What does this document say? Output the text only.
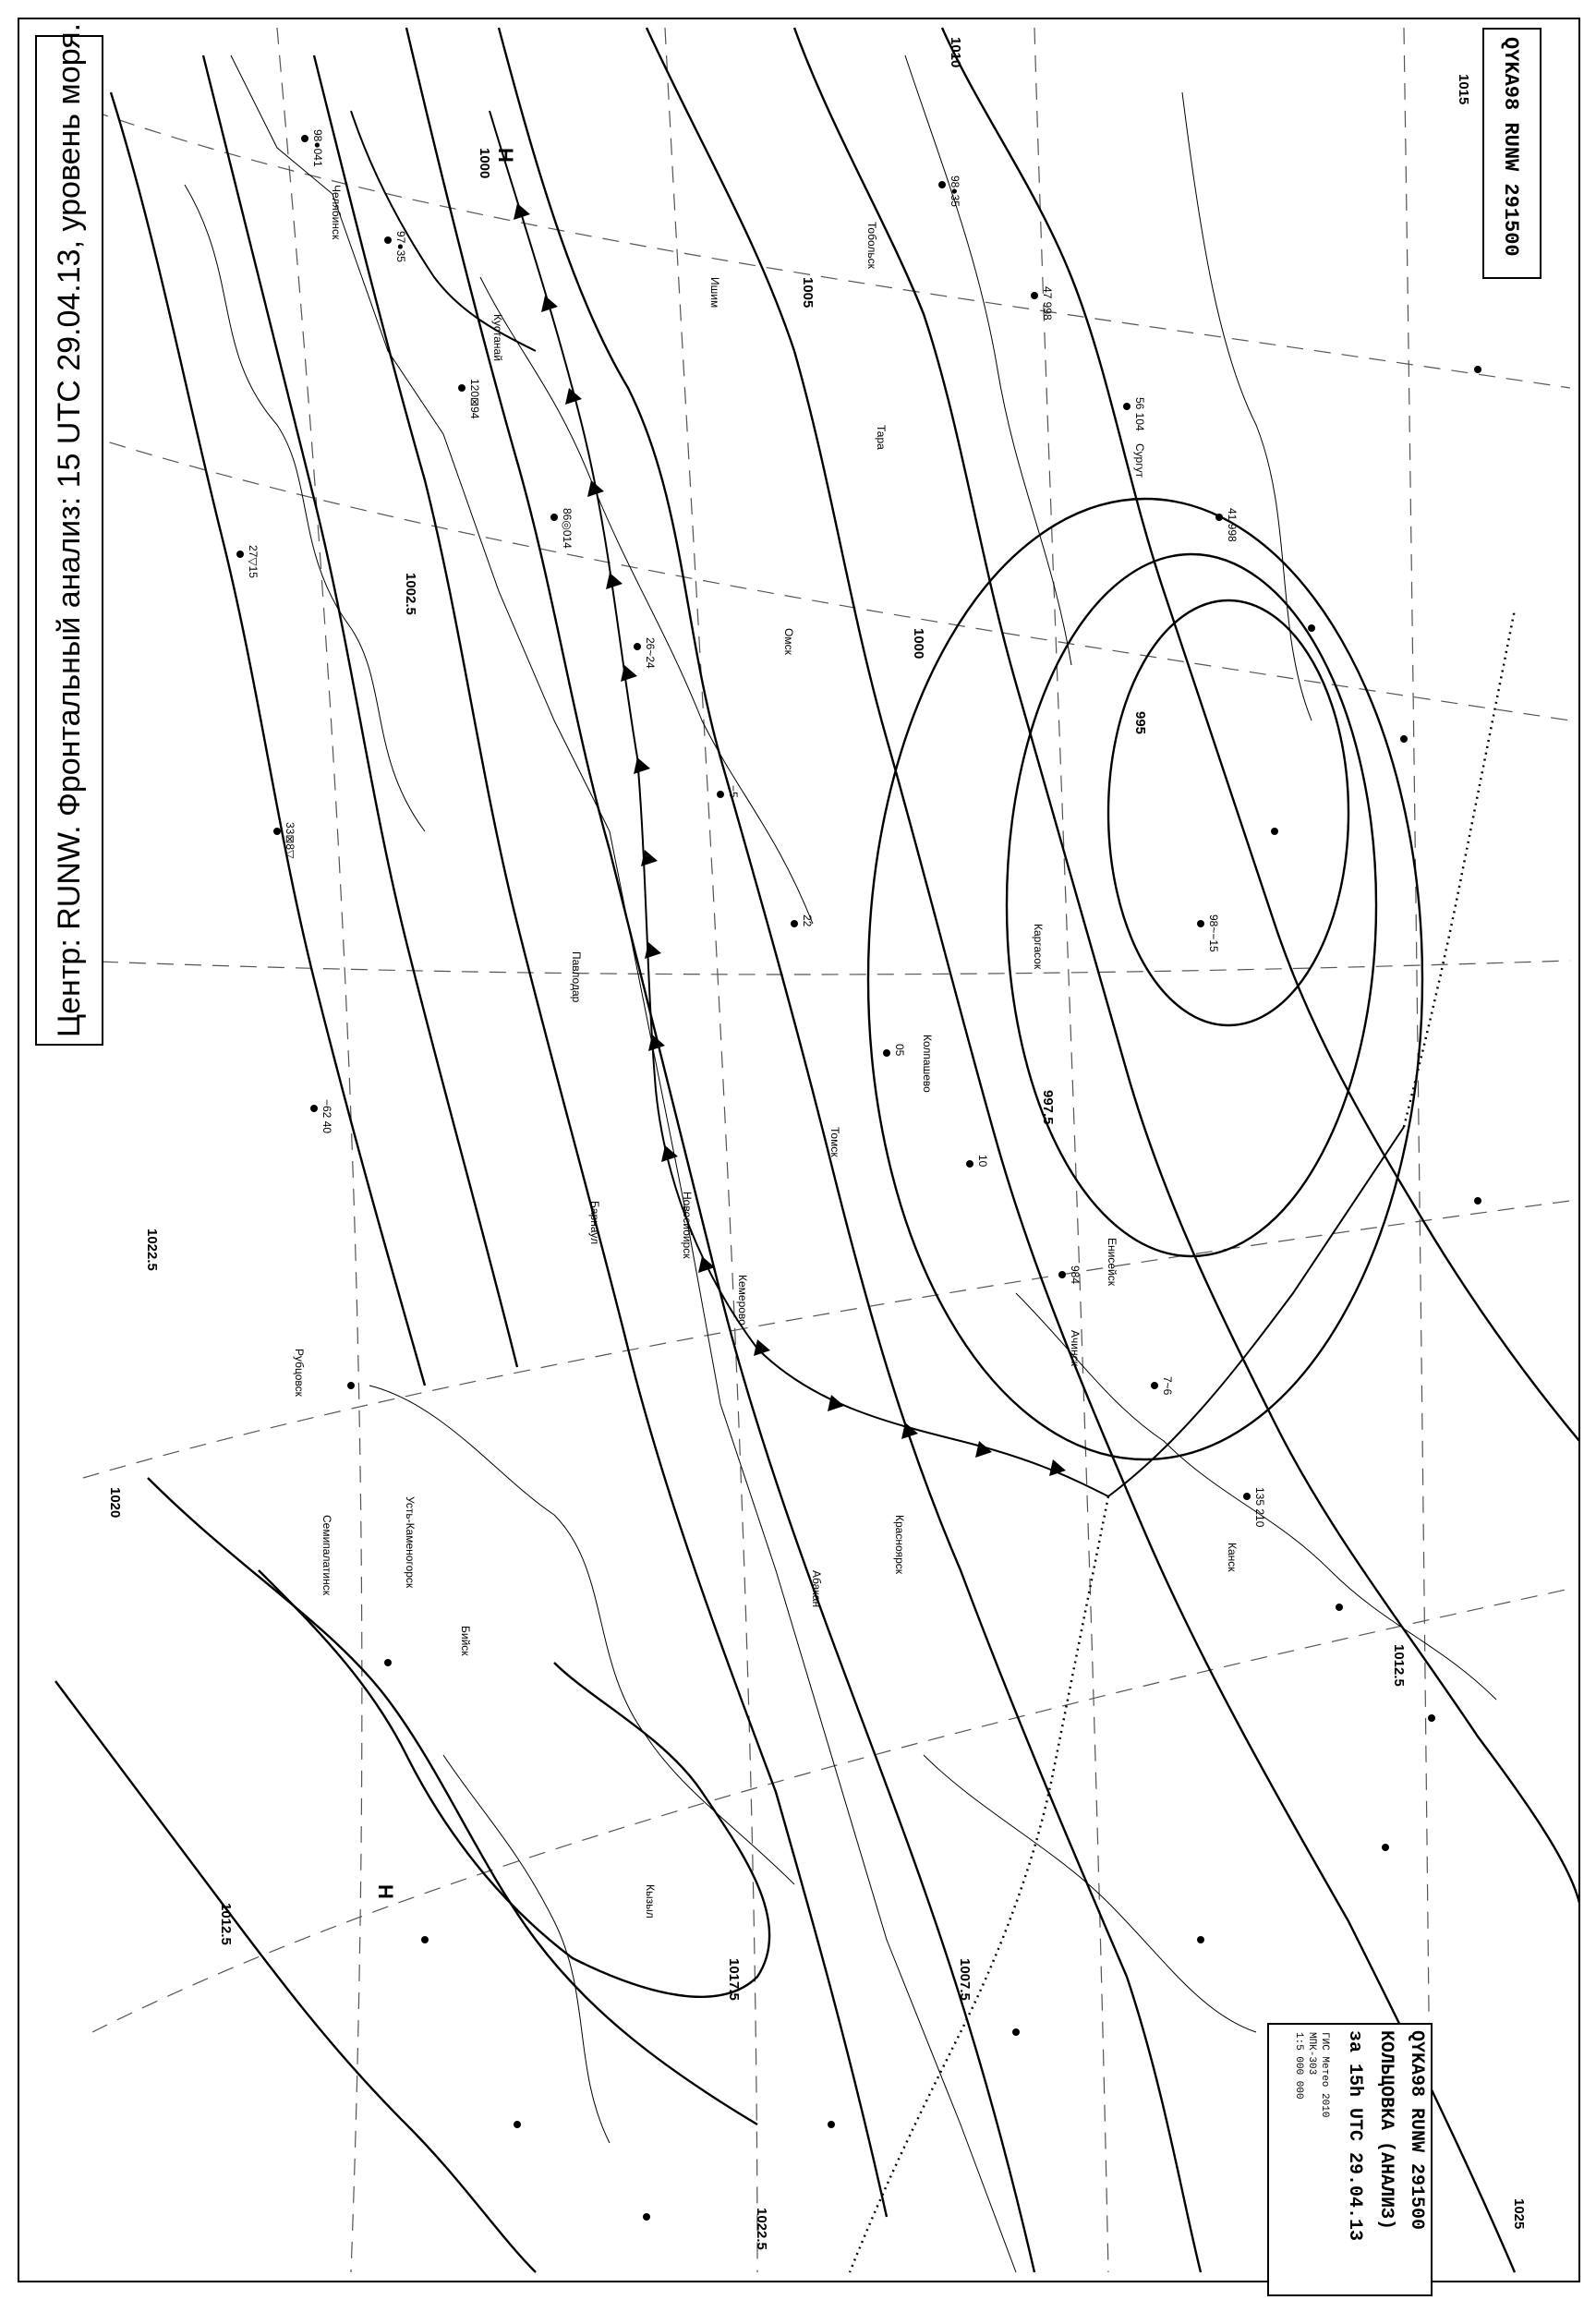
1015
1010
1005
1000
1000
995
997.5
1002.5
1007.5
1012.5
1012.5
1017.5
1020
1022.5
1022.5	1025
Н
Н
Кустанай
Челябинск
Омск
Павлодар
Барнаул	Новосибирск
Кемерово
Красноярск
Абакан
Кызыл
Тара
Ишим
Тобольск
Сургут
Томск
Каргасок
Колпашево
Бийск
Рубцовск
Семипалатинск	Усть-Каменогорск
Ачинск
Канск
Енисейск
98●041
97●35
120⊠94
86◎014
26~24
−5
22
05
10
984
7~6
135 210
98●35
47 998
56 104
41 998
27▽15
33⊠8▽
−62 40
98~−15
Центр: RUNW. Фронтальный анализ: 15 UTC 29.04.13, уровень моря.	QYKA98 RUNW 291500
QYKA98 RUNW 291500
КОЛЬЦОВКА (АНАЛИЗ)
за 15h UTC 29.04.13
ГИС Метео 2010
МПК-303
1:5 000 000
